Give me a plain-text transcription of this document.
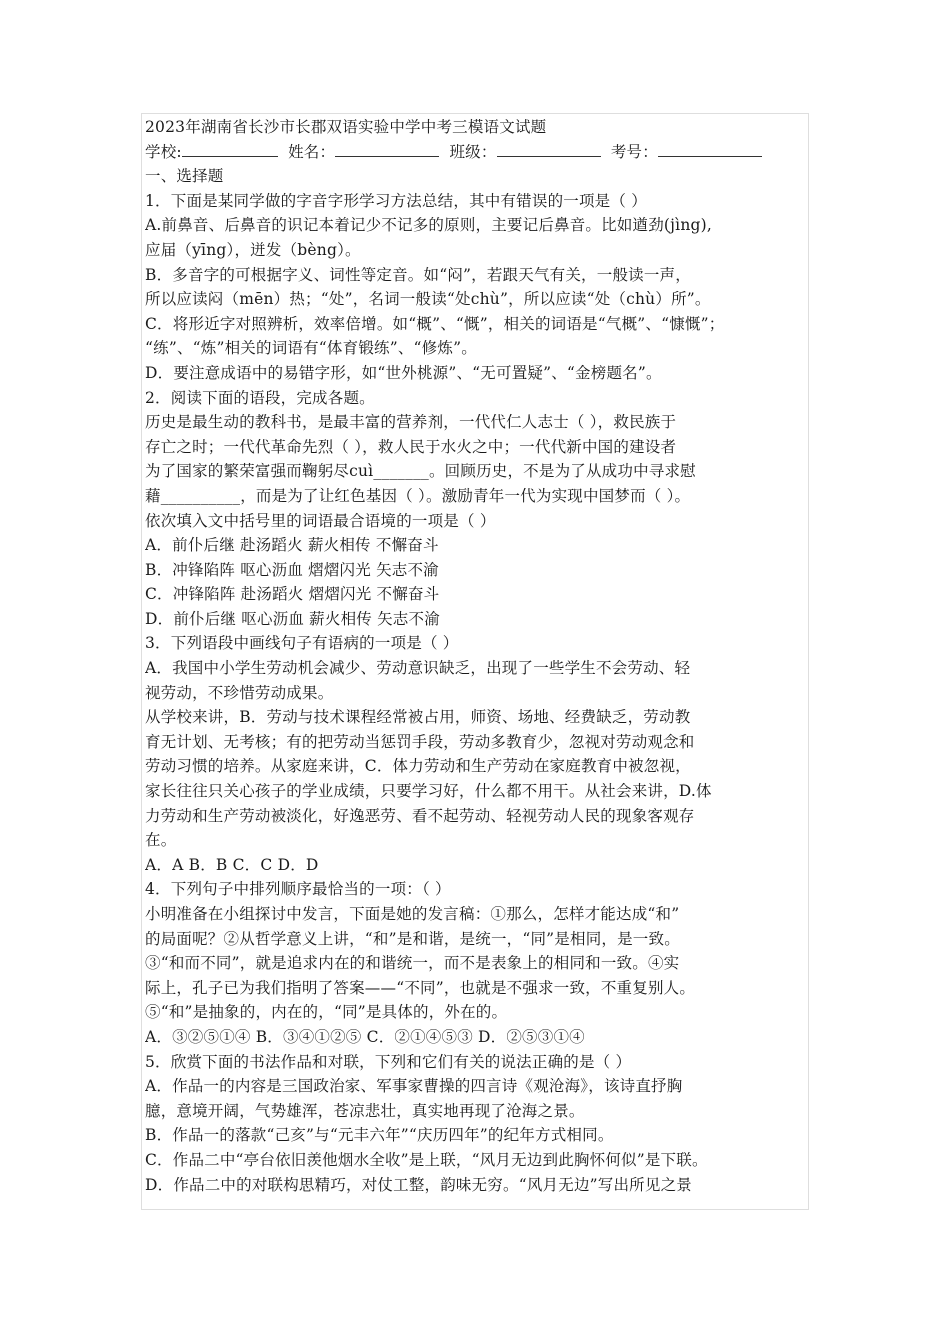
2023年湖南省长沙市长郡双语实验中学中考三模语文试题
学校:	姓名：	班级：	考号：
一、选择题
1．下面是某同学做的字音字形学习方法总结，其中有错误的一项是（ ）
A.前鼻音、后鼻音的识记本着记少不记多的原则，主要记后鼻音。比如遒劲(jìng),
应届（yīng），迸发（bèng）。
B．多音字的可根据字义、词性等定音。如“闷”，若跟天气有关，一般读一声，
所以应读闷（mēn）热；“处”，名词一般读“处chù”，所以应读“处（chù）所”。
C．将形近字对照辨析，效率倍增。如“概”、“慨”，相关的词语是“气概”、“慷慨”；
“练”、“炼”相关的词语有“体育锻练”、“修炼”。
D．要注意成语中的易错字形，如“世外桃源”、“无可置疑”、“金榜题名”。
2．阅读下面的语段，完成各题。
历史是最生动的教科书，是最丰富的营养剂，一代代仁人志士（ ），救民族于
存亡之时；一代代革命先烈（ ），救人民于水火之中；一代代新中国的建设者
为了国家的繁荣富强而鞠躬尽cuì_______。回顾历史，不是为了从成功中寻求慰
藉__________，而是为了让红色基因（ ）。激励青年一代为实现中国梦而（ ）。
依次填入文中括号里的词语最合语境的一项是（ ）
A．前仆后继 赴汤蹈火 薪火相传 不懈奋斗
B．冲锋陷阵 呕心沥血 熠熠闪光 矢志不渝
C．冲锋陷阵 赴汤蹈火 熠熠闪光 不懈奋斗
D．前仆后继 呕心沥血 薪火相传 矢志不渝
3．下列语段中画线句子有语病的一项是（ ）
A．我国中小学生劳动机会减少、劳动意识缺乏，出现了一些学生不会劳动、轻
视劳动，不珍惜劳动成果。
从学校来讲，B．劳动与技术课程经常被占用，师资、场地、经费缺乏，劳动教
育无计划、无考核；有的把劳动当惩罚手段，劳动多教育少，忽视对劳动观念和
劳动习惯的培养。从家庭来讲，C．体力劳动和生产劳动在家庭教育中被忽视，
家长往往只关心孩子的学业成绩，只要学习好，什么都不用干。从社会来讲，D.体
力劳动和生产劳动被淡化，好逸恶劳、看不起劳动、轻视劳动人民的现象客观存
在。
A．A B．B C．C D．D
4．下列句子中排列顺序最恰当的一项：（ ）
小明准备在小组探讨中发言，下面是她的发言稿：①那么，怎样才能达成“和”
的局面呢？②从哲学意义上讲，“和”是和谐，是统一，“同”是相同，是一致。
③“和而不同”，就是追求内在的和谐统一，而不是表象上的相同和一致。④实
际上，孔子已为我们指明了答案——“不同”，也就是不强求一致，不重复别人。
⑤“和”是抽象的，内在的，“同”是具体的，外在的。
A．③②⑤①④ B．③④①②⑤ C．②①④⑤③ D．②⑤③①④
5．欣赏下面的书法作品和对联，下列和它们有关的说法正确的是（ ）
A．作品一的内容是三国政治家、军事家曹操的四言诗《观沧海》，该诗直抒胸
臆，意境开阔，气势雄浑，苍凉悲壮，真实地再现了沧海之景。
B．作品一的落款“己亥”与“元丰六年”“庆历四年”的纪年方式相同。
C．作品二中“亭台依旧羡他烟水全收”是上联，“风月无边到此胸怀何似”是下联。
D．作品二中的对联构思精巧，对仗工整，韵味无穷。“风月无边”写出所见之景
